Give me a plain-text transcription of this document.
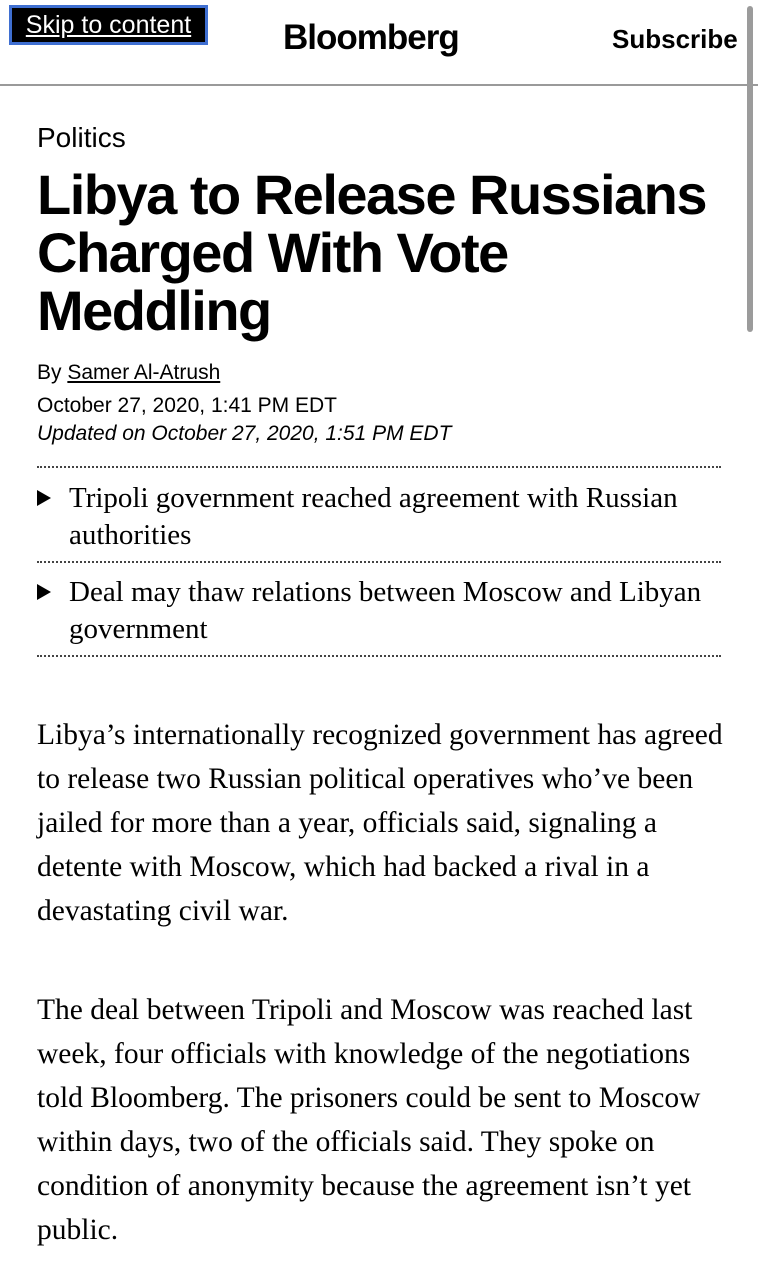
Skip to content	Bloomberg	Subscribe
Politics
Libya to Release Russians Charged With Vote Meddling
By Samer Al-Atrush
October 27, 2020, 1:41 PM EDT
Updated on October 27, 2020, 1:51 PM EDT
Tripoli government reached agreement with Russian authorities
Deal may thaw relations between Moscow and Libyan government

Libya’s internationally recognized government has agreed to release two Russian political operatives who’ve been jailed for more than a year, officials said, signaling a detente with Moscow, which had backed a rival in a devastating civil war.

The deal between Tripoli and Moscow was reached last week, four officials with knowledge of the negotiations told Bloomberg. The prisoners could be sent to Moscow within days, two of the officials said. They spoke on condition of anonymity because the agreement isn’t yet public.
